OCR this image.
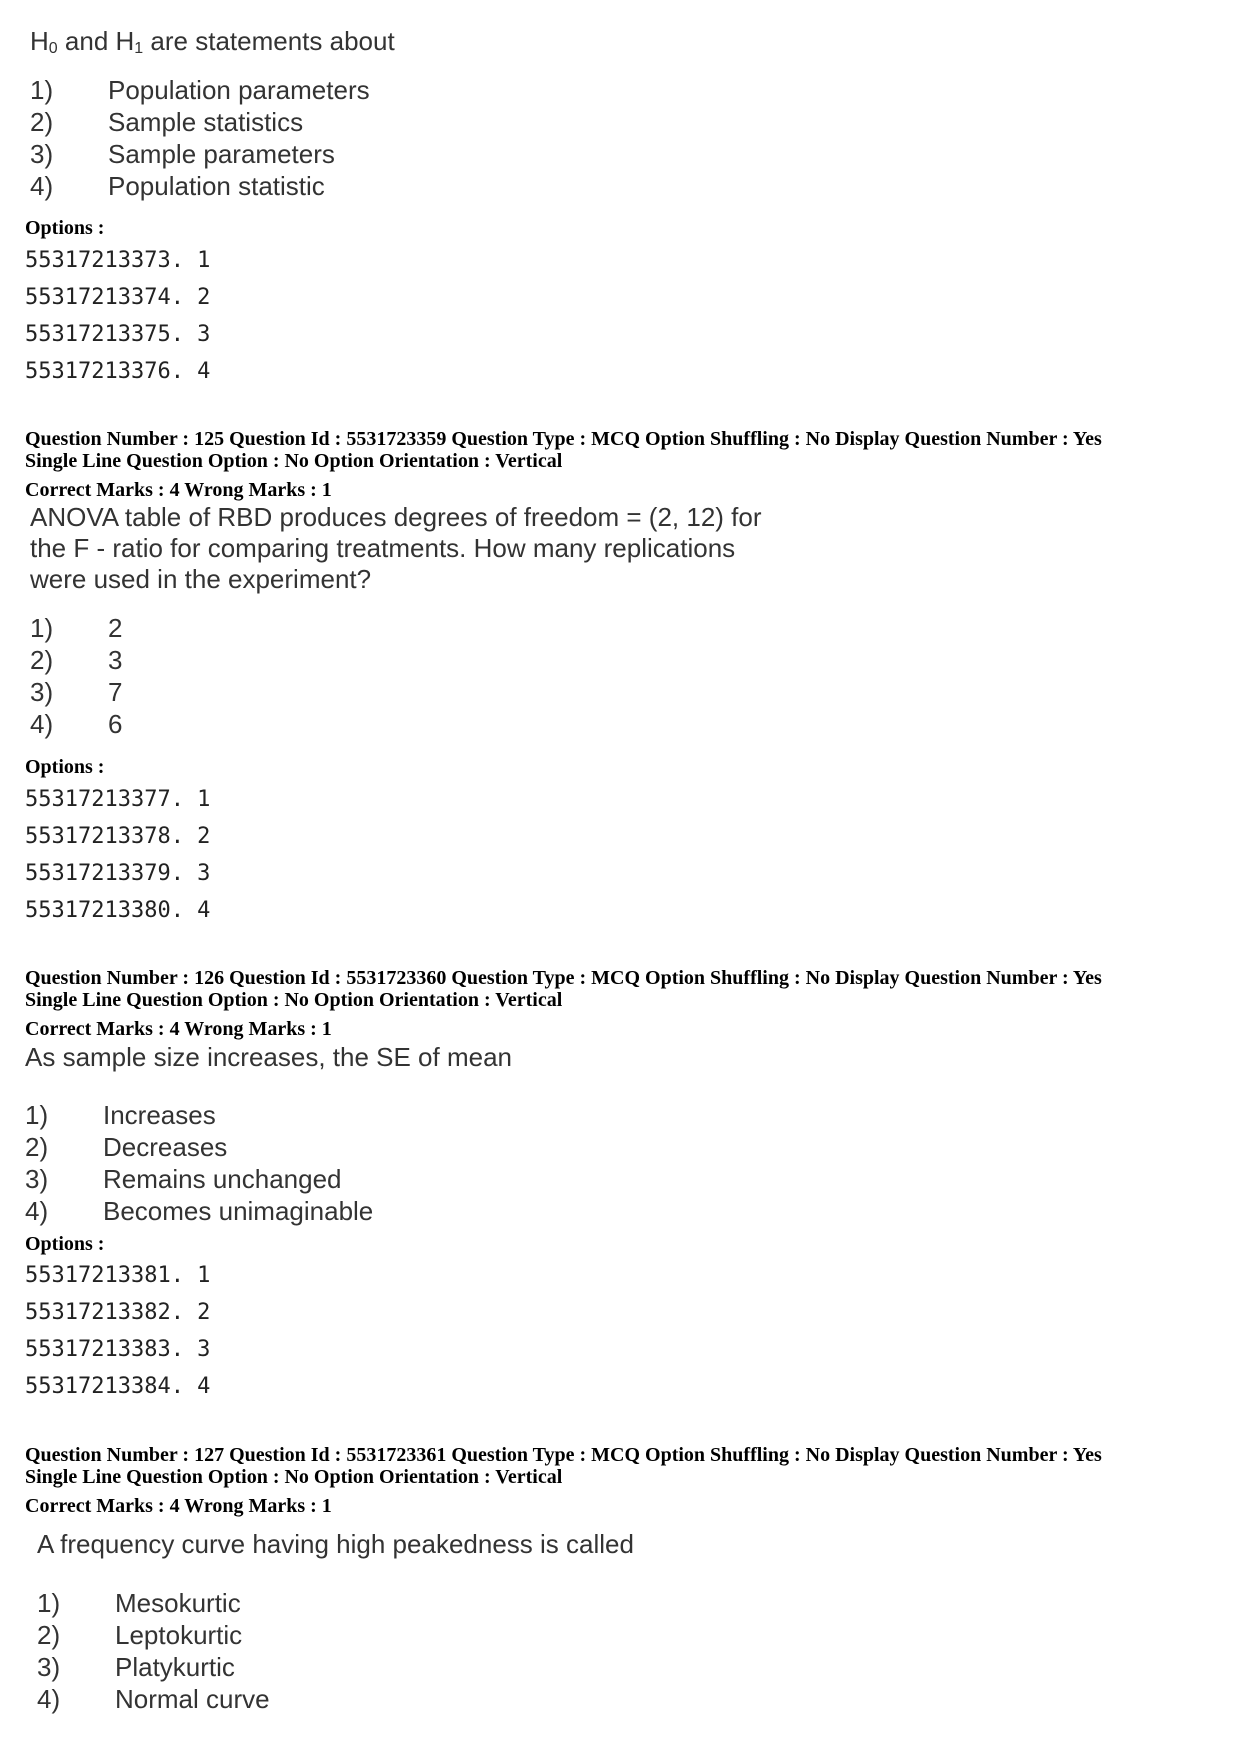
$H_0$ and $H_1$ are statements about
1)	Population parameters
2)	Sample statistics
3)	Sample parameters
4)	Population statistic
Options :
55317213373. 1
55317213374. 2
55317213375. 3
55317213376. 4
Question Number : 125 Question Id : 5531723359 Question Type : MCQ Option Shuffling : No Display Question Number : Yes
Single Line Question Option : No Option Orientation : Vertical
Correct Marks : 4 Wrong Marks : 1
ANOVA table of RBD produces degrees of freedom = (2, 12) for
the F - ratio for comparing treatments. How many replications
were used in the experiment?
1)	2
2)	3
3)	7
4)	6
Options :
55317213377. 1
55317213378. 2
55317213379. 3
55317213380. 4
Question Number : 126 Question Id : 5531723360 Question Type : MCQ Option Shuffling : No Display Question Number : Yes
Single Line Question Option : No Option Orientation : Vertical
Correct Marks : 4 Wrong Marks : 1
As sample size increases, the SE of mean
1)	Increases
2)	Decreases
3)	Remains unchanged
4)	Becomes unimaginable
Options :
55317213381. 1
55317213382. 2
55317213383. 3
55317213384. 4
Question Number : 127 Question Id : 5531723361 Question Type : MCQ Option Shuffling : No Display Question Number : Yes
Single Line Question Option : No Option Orientation : Vertical
Correct Marks : 4 Wrong Marks : 1
A frequency curve having high peakedness is called
1)	Mesokurtic
2)	Leptokurtic
3)	Platykurtic
4)	Normal curve
